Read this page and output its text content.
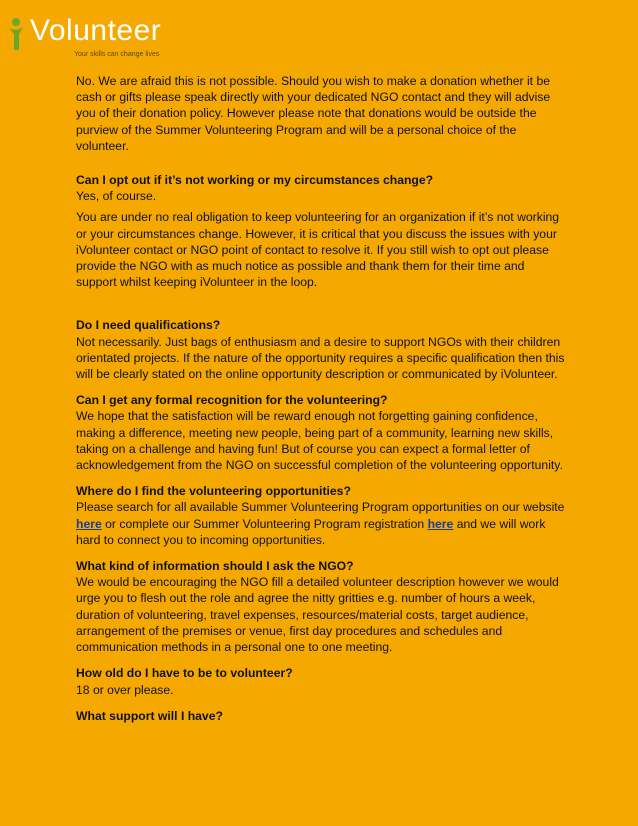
Volunteer
Your skills can change lives

No. We are afraid this is not possible. Should you wish to make a donation whether it be cash or gifts please speak directly with your dedicated NGO contact and they will advise you of their donation policy. However please note that donations would be outside the purview of the Summer Volunteering Program and will be a personal choice of the volunteer.

Can I opt out if it’s not working or my circumstances change?

Yes, of course.

You are under no real obligation to keep volunteering for an organization if it’s not working or your circumstances change. However, it is critical that you discuss the issues with your iVolunteer contact or NGO point of contact to resolve it. If you still wish to opt out please provide the NGO with as much notice as possible and thank them for their time and support whilst keeping iVolunteer in the loop.

Do I need qualifications?

Not necessarily. Just bags of enthusiasm and a desire to support NGOs with their children orientated projects. If the nature of the opportunity requires a specific qualification then this will be clearly stated on the online opportunity description or communicated by iVolunteer.

Can I get any formal recognition for the volunteering?

We hope that the satisfaction will be reward enough not forgetting gaining confidence, making a difference, meeting new people, being part of a community, learning new skills, taking on a challenge and having fun! But of course you can expect a formal letter of acknowledgement from the NGO on successful completion of the volunteering opportunity.

Where do I find the volunteering opportunities?

Please search for all available Summer Volunteering Program opportunities on our website here or complete our Summer Volunteering Program registration here and we will work hard to connect you to incoming opportunities.

What kind of information should I ask the NGO?

We would be encouraging the NGO fill a detailed volunteer description however we would urge you to flesh out the role and agree the nitty gritties e.g. number of hours a week, duration of volunteering, travel expenses, resources/material costs, target audience, arrangement of the premises or venue, first day procedures and schedules and communication methods in a personal one to one meeting.

How old do I have to be to volunteer?

18 or over please.

What support will I have?
